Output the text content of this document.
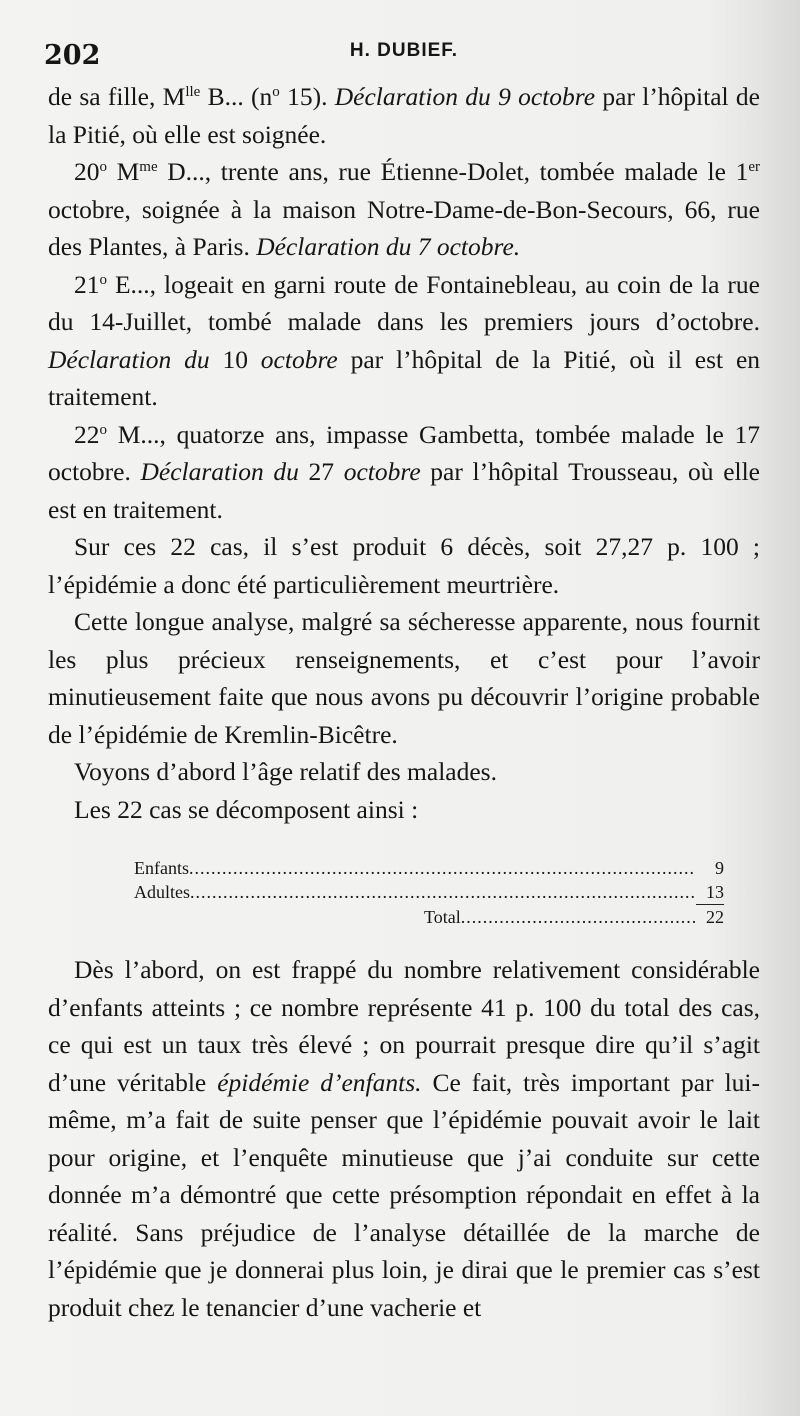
202	H. DUBIEF.

de sa fille, $M^{lle}$ B... ($n^o$ 15). Déclaration du 9 octobre par l’hôpital de la Pitié, où elle est soignée.

20$^o$ $M^{me}$ D..., trente ans, rue Étienne-Dolet, tombée malade le 1er octobre, soignée à la maison Notre-Dame-de-Bon-Secours, 66, rue des Plantes, à Paris. Déclaration du 7 octobre.

21$^o$ E..., logeait en garni route de Fontainebleau, au coin de la rue du 14-Juillet, tombé malade dans les premiers jours d’octobre. Déclaration du 10 octobre par l’hôpital de la Pitié, où il est en traitement.

22$^o$ M..., quatorze ans, impasse Gambetta, tombée malade le 17 octobre. Déclaration du 27 octobre par l’hôpital Trousseau, où elle est en traitement.

Sur ces 22 cas, il s’est produit 6 décès, soit 27,27 p. 100 ; l’épidémie a donc été particulièrement meurtrière.

Cette longue analyse, malgré sa sécheresse apparente, nous fournit les plus précieux renseignements, et c’est pour l’avoir minutieusement faite que nous avons pu découvrir l’origine probable de l’épidémie de Kremlin-Bicêtre.

Voyons d’abord l’âge relatif des malades.

Les 22 cas se décomposent ainsi :

Enfants .....	9
Adultes .....	13
Total .....	22

Dès l’abord, on est frappé du nombre relativement considérable d’enfants atteints ; ce nombre représente 41 p. 100 du total des cas, ce qui est un taux très élevé ; on pourrait presque dire qu’il s’agit d’une véritable épidémie d’enfants. Ce fait, très important par lui-même, m’a fait de suite penser que l’épidémie pouvait avoir le lait pour origine, et l’enquête minutieuse que j’ai conduite sur cette donnée m’a démontré que cette présomption répondait en effet à la réalité. Sans préjudice de l’analyse détaillée de la marche de l’épidémie que je donnerai plus loin, je dirai que le premier cas s’est produit chez le tenancier d’une vacherie et
